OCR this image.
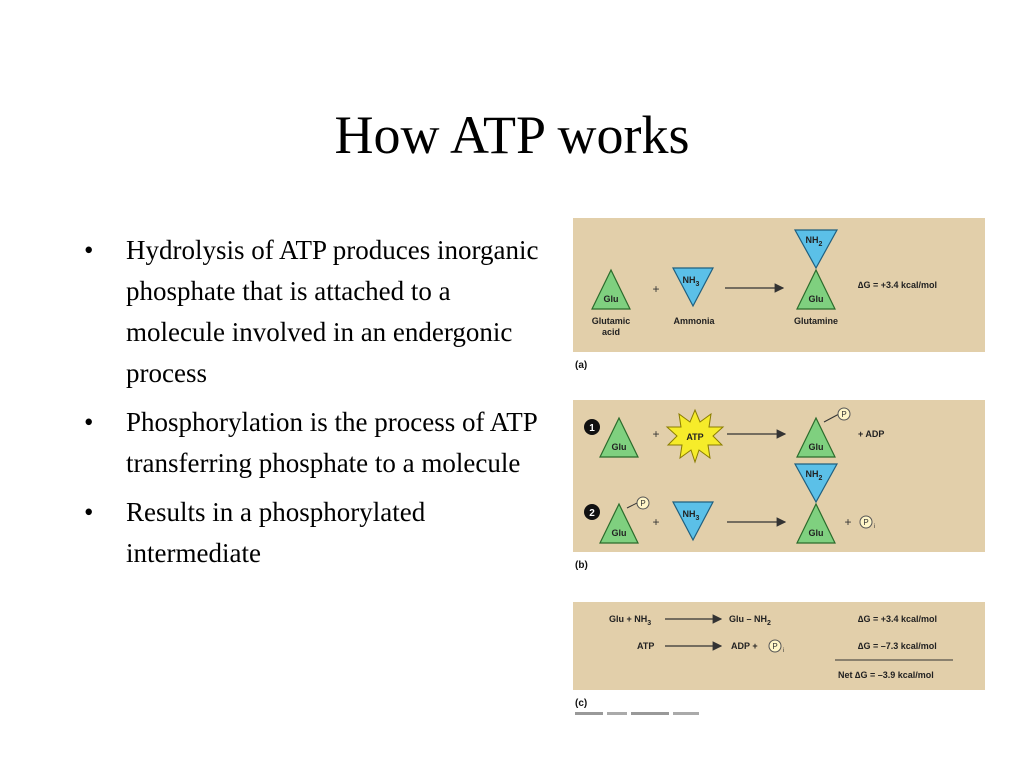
How ATP works
• Hydrolysis of ATP produces inorganic phosphate that is attached to a molecule involved in an endergonic process
• Phosphorylation is the process of ATP transferring phosphate to a molecule
• Results in a phosphorylated intermediate
Glu
Glutamic
acid
+
$NH_3$
Ammonia
$NH_2$
Glu
Glutamine
∆G = +3.4 kcal/mol
(a)
1
Glu
+	ATP
Glu
P
+ ADP
2
Glu
P
+
$NH_3$
$NH_2$
Glu
+ P i
(b)
Glu + $NH_3$	Glu – $NH_2$	∆G = +3.4 kcal/mol
ATP	ADP + P i	∆G = –7.3 kcal/mol
Net ∆G = –3.9 kcal/mol
(c)
